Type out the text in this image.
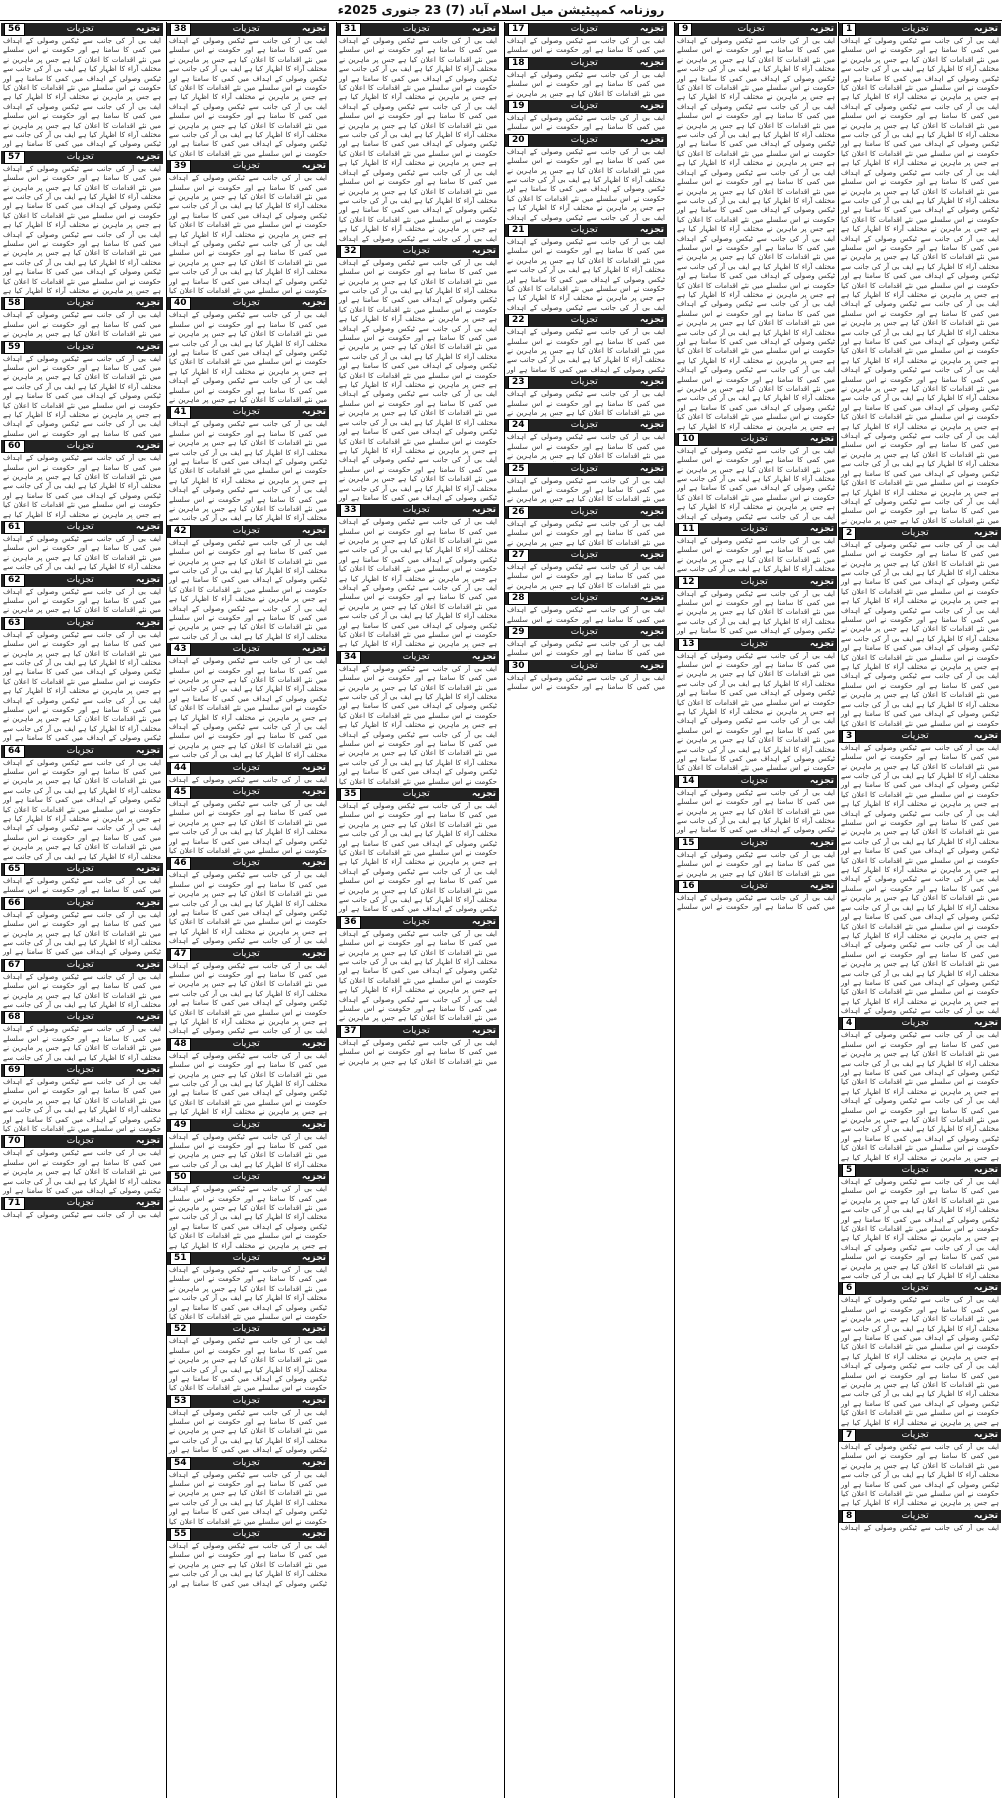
روزنامہ کمپیٹیشن میل اسلام آباد (7) 23 جنوری 2025ء
تجزیہ
تجزیات
1
ایف بی آر کی جانب سے ٹیکس وصولی کے اہداف میں کمی کا سامنا ہے اور حکومت نے اس سلسلے میں نئے اقدامات کا اعلان کیا ہے جس پر ماہرین نے مختلف آراء کا اظہار کیا ہے ایف بی آر کی جانب سے ٹیکس وصولی کے اہداف میں کمی کا سامنا ہے اور حکومت نے اس سلسلے میں نئے اقدامات کا اعلان کیا ہے جس پر ماہرین نے مختلف آراء کا اظہار کیا ہے ایف بی آر کی جانب سے ٹیکس وصولی کے اہداف میں کمی کا سامنا ہے اور حکومت نے اس سلسلے میں نئے اقدامات کا اعلان کیا ہے جس پر ماہرین نے مختلف آراء کا اظہار کیا ہے ایف بی آر کی جانب سے ٹیکس وصولی کے اہداف میں کمی کا سامنا ہے اور حکومت نے اس سلسلے میں نئے اقدامات کا اعلان کیا ہے جس پر ماہرین نے مختلف آراء کا اظہار کیا ہے ایف بی آر کی جانب سے ٹیکس وصولی کے اہداف میں کمی کا سامنا ہے اور حکومت نے اس سلسلے میں نئے اقدامات کا اعلان کیا ہے جس پر ماہرین نے مختلف آراء کا اظہار کیا ہے ایف بی آر کی جانب سے ٹیکس وصولی کے اہداف میں کمی کا سامنا ہے اور حکومت نے اس سلسلے میں نئے اقدامات کا اعلان کیا ہے جس پر ماہرین نے مختلف آراء کا اظہار کیا ہے ایف بی آر کی جانب سے ٹیکس وصولی کے اہداف میں کمی کا سامنا ہے اور حکومت نے اس سلسلے میں نئے اقدامات کا اعلان کیا ہے جس پر ماہرین نے مختلف آراء کا اظہار کیا ہے ایف بی آر کی جانب سے ٹیکس وصولی کے اہداف میں کمی کا سامنا ہے اور حکومت نے اس سلسلے میں نئے اقدامات کا اعلان کیا ہے جس پر ماہرین نے مختلف آراء کا اظہار کیا ہے ایف بی آر کی جانب سے ٹیکس وصولی کے اہداف میں کمی کا سامنا ہے اور حکومت نے اس سلسلے میں نئے اقدامات کا اعلان کیا ہے جس پر ماہرین نے مختلف آراء کا اظہار کیا ہے ایف بی آر کی جانب سے ٹیکس وصولی کے اہداف میں کمی کا سامنا ہے اور حکومت نے اس سلسلے میں نئے اقدامات کا اعلان کیا ہے جس پر ماہرین نے مختلف آراء کا اظہار کیا ہے ایف بی آر کی جانب سے ٹیکس وصولی کے اہداف میں کمی کا سامنا ہے اور حکومت نے اس سلسلے میں نئے اقدامات کا اعلان کیا ہے جس پر ماہرین نے مختلف آراء کا اظہار کیا ہے ایف بی آر کی جانب سے ٹیکس وصولی کے اہداف میں کمی کا سامنا ہے اور حکومت نے اس سلسلے میں نئے اقدامات کا اعلان کیا ہے جس پر ماہرین نے مختلف آراء کا اظہار کیا ہے ایف بی آر کی جانب سے ٹیکس وصولی کے اہداف میں کمی کا سامنا ہے اور حکومت نے اس سلسلے میں نئے اقدامات کا اعلان کیا ہے جس پر ماہرین نے مختلف آراء کا اظہار کیا ہے ایف بی آر کی جانب سے ٹیکس وصولی کے اہداف میں کمی کا سامنا ہے اور حکومت نے اس سلسلے میں نئے اقدامات کا اعلان کیا ہے جس پر ماہرین نے مختلف آراء کا اظہار کیا ہے ایف بی آر کی جانب سے ٹیکس وصولی کے اہداف میں کمی کا سامنا ہے اور حکومت نے اس سلسلے میں نئے اقدامات کا اعلان کیا ہے جس پر ماہرین نے
تجزیہ
تجزیات
2
ایف بی آر کی جانب سے ٹیکس وصولی کے اہداف میں کمی کا سامنا ہے اور حکومت نے اس سلسلے میں نئے اقدامات کا اعلان کیا ہے جس پر ماہرین نے مختلف آراء کا اظہار کیا ہے ایف بی آر کی جانب سے ٹیکس وصولی کے اہداف میں کمی کا سامنا ہے اور حکومت نے اس سلسلے میں نئے اقدامات کا اعلان کیا ہے جس پر ماہرین نے مختلف آراء کا اظہار کیا ہے ایف بی آر کی جانب سے ٹیکس وصولی کے اہداف میں کمی کا سامنا ہے اور حکومت نے اس سلسلے میں نئے اقدامات کا اعلان کیا ہے جس پر ماہرین نے مختلف آراء کا اظہار کیا ہے ایف بی آر کی جانب سے ٹیکس وصولی کے اہداف میں کمی کا سامنا ہے اور حکومت نے اس سلسلے میں نئے اقدامات کا اعلان کیا ہے جس پر ماہرین نے مختلف آراء کا اظہار کیا ہے ایف بی آر کی جانب سے ٹیکس وصولی کے اہداف میں کمی کا سامنا ہے اور حکومت نے اس سلسلے میں نئے اقدامات کا اعلان کیا ہے جس پر ماہرین نے مختلف آراء کا اظہار کیا ہے ایف بی آر کی جانب سے ٹیکس وصولی کے اہداف میں کمی کا سامنا ہے اور حکومت نے اس سلسلے میں نئے اقدامات کا اعلان کیا
تجزیہ
تجزیات
3
ایف بی آر کی جانب سے ٹیکس وصولی کے اہداف میں کمی کا سامنا ہے اور حکومت نے اس سلسلے میں نئے اقدامات کا اعلان کیا ہے جس پر ماہرین نے مختلف آراء کا اظہار کیا ہے ایف بی آر کی جانب سے ٹیکس وصولی کے اہداف میں کمی کا سامنا ہے اور حکومت نے اس سلسلے میں نئے اقدامات کا اعلان کیا ہے جس پر ماہرین نے مختلف آراء کا اظہار کیا ہے ایف بی آر کی جانب سے ٹیکس وصولی کے اہداف میں کمی کا سامنا ہے اور حکومت نے اس سلسلے میں نئے اقدامات کا اعلان کیا ہے جس پر ماہرین نے مختلف آراء کا اظہار کیا ہے ایف بی آر کی جانب سے ٹیکس وصولی کے اہداف میں کمی کا سامنا ہے اور حکومت نے اس سلسلے میں نئے اقدامات کا اعلان کیا ہے جس پر ماہرین نے مختلف آراء کا اظہار کیا ہے ایف بی آر کی جانب سے ٹیکس وصولی کے اہداف میں کمی کا سامنا ہے اور حکومت نے اس سلسلے میں نئے اقدامات کا اعلان کیا ہے جس پر ماہرین نے مختلف آراء کا اظہار کیا ہے ایف بی آر کی جانب سے ٹیکس وصولی کے اہداف میں کمی کا سامنا ہے اور حکومت نے اس سلسلے میں نئے اقدامات کا اعلان کیا ہے جس پر ماہرین نے مختلف آراء کا اظہار کیا ہے ایف بی آر کی جانب سے ٹیکس وصولی کے اہداف میں کمی کا سامنا ہے اور حکومت نے اس سلسلے میں نئے اقدامات کا اعلان کیا ہے جس پر ماہرین نے مختلف آراء کا اظہار کیا ہے ایف بی آر کی جانب سے ٹیکس وصولی کے اہداف میں کمی کا سامنا ہے اور حکومت نے اس سلسلے میں نئے اقدامات کا اعلان کیا ہے جس پر ماہرین نے مختلف آراء کا اظہار کیا ہے ایف بی آر کی جانب سے ٹیکس وصولی کے اہداف
تجزیہ
تجزیات
4
ایف بی آر کی جانب سے ٹیکس وصولی کے اہداف میں کمی کا سامنا ہے اور حکومت نے اس سلسلے میں نئے اقدامات کا اعلان کیا ہے جس پر ماہرین نے مختلف آراء کا اظہار کیا ہے ایف بی آر کی جانب سے ٹیکس وصولی کے اہداف میں کمی کا سامنا ہے اور حکومت نے اس سلسلے میں نئے اقدامات کا اعلان کیا ہے جس پر ماہرین نے مختلف آراء کا اظہار کیا ہے ایف بی آر کی جانب سے ٹیکس وصولی کے اہداف میں کمی کا سامنا ہے اور حکومت نے اس سلسلے میں نئے اقدامات کا اعلان کیا ہے جس پر ماہرین نے مختلف آراء کا اظہار کیا ہے ایف بی آر کی جانب سے ٹیکس وصولی کے اہداف میں کمی کا سامنا ہے اور حکومت نے اس سلسلے میں نئے اقدامات کا اعلان کیا ہے جس پر ماہرین نے مختلف آراء کا اظہار کیا ہے
تجزیہ
تجزیات
5
ایف بی آر کی جانب سے ٹیکس وصولی کے اہداف میں کمی کا سامنا ہے اور حکومت نے اس سلسلے میں نئے اقدامات کا اعلان کیا ہے جس پر ماہرین نے مختلف آراء کا اظہار کیا ہے ایف بی آر کی جانب سے ٹیکس وصولی کے اہداف میں کمی کا سامنا ہے اور حکومت نے اس سلسلے میں نئے اقدامات کا اعلان کیا ہے جس پر ماہرین نے مختلف آراء کا اظہار کیا ہے ایف بی آر کی جانب سے ٹیکس وصولی کے اہداف میں کمی کا سامنا ہے اور حکومت نے اس سلسلے میں نئے اقدامات کا اعلان کیا ہے جس پر ماہرین نے مختلف آراء کا اظہار کیا ہے ایف بی آر کی جانب سے
تجزیہ
تجزیات
6
ایف بی آر کی جانب سے ٹیکس وصولی کے اہداف میں کمی کا سامنا ہے اور حکومت نے اس سلسلے میں نئے اقدامات کا اعلان کیا ہے جس پر ماہرین نے مختلف آراء کا اظہار کیا ہے ایف بی آر کی جانب سے ٹیکس وصولی کے اہداف میں کمی کا سامنا ہے اور حکومت نے اس سلسلے میں نئے اقدامات کا اعلان کیا ہے جس پر ماہرین نے مختلف آراء کا اظہار کیا ہے ایف بی آر کی جانب سے ٹیکس وصولی کے اہداف میں کمی کا سامنا ہے اور حکومت نے اس سلسلے میں نئے اقدامات کا اعلان کیا ہے جس پر ماہرین نے مختلف آراء کا اظہار کیا ہے ایف بی آر کی جانب سے ٹیکس وصولی کے اہداف میں کمی کا سامنا ہے اور حکومت نے اس سلسلے میں نئے اقدامات کا اعلان کیا ہے جس پر ماہرین نے مختلف آراء کا اظہار کیا ہے
تجزیہ
تجزیات
7
ایف بی آر کی جانب سے ٹیکس وصولی کے اہداف میں کمی کا سامنا ہے اور حکومت نے اس سلسلے میں نئے اقدامات کا اعلان کیا ہے جس پر ماہرین نے مختلف آراء کا اظہار کیا ہے ایف بی آر کی جانب سے ٹیکس وصولی کے اہداف میں کمی کا سامنا ہے اور حکومت نے اس سلسلے میں نئے اقدامات کا اعلان کیا ہے جس پر ماہرین نے مختلف آراء کا اظہار کیا ہے
تجزیہ
تجزیات
8
ایف بی آر کی جانب سے ٹیکس وصولی کے اہداف
تجزیہ
تجزیات
9
ایف بی آر کی جانب سے ٹیکس وصولی کے اہداف میں کمی کا سامنا ہے اور حکومت نے اس سلسلے میں نئے اقدامات کا اعلان کیا ہے جس پر ماہرین نے مختلف آراء کا اظہار کیا ہے ایف بی آر کی جانب سے ٹیکس وصولی کے اہداف میں کمی کا سامنا ہے اور حکومت نے اس سلسلے میں نئے اقدامات کا اعلان کیا ہے جس پر ماہرین نے مختلف آراء کا اظہار کیا ہے ایف بی آر کی جانب سے ٹیکس وصولی کے اہداف میں کمی کا سامنا ہے اور حکومت نے اس سلسلے میں نئے اقدامات کا اعلان کیا ہے جس پر ماہرین نے مختلف آراء کا اظہار کیا ہے ایف بی آر کی جانب سے ٹیکس وصولی کے اہداف میں کمی کا سامنا ہے اور حکومت نے اس سلسلے میں نئے اقدامات کا اعلان کیا ہے جس پر ماہرین نے مختلف آراء کا اظہار کیا ہے ایف بی آر کی جانب سے ٹیکس وصولی کے اہداف میں کمی کا سامنا ہے اور حکومت نے اس سلسلے میں نئے اقدامات کا اعلان کیا ہے جس پر ماہرین نے مختلف آراء کا اظہار کیا ہے ایف بی آر کی جانب سے ٹیکس وصولی کے اہداف میں کمی کا سامنا ہے اور حکومت نے اس سلسلے میں نئے اقدامات کا اعلان کیا ہے جس پر ماہرین نے مختلف آراء کا اظہار کیا ہے ایف بی آر کی جانب سے ٹیکس وصولی کے اہداف میں کمی کا سامنا ہے اور حکومت نے اس سلسلے میں نئے اقدامات کا اعلان کیا ہے جس پر ماہرین نے مختلف آراء کا اظہار کیا ہے ایف بی آر کی جانب سے ٹیکس وصولی کے اہداف میں کمی کا سامنا ہے اور حکومت نے اس سلسلے میں نئے اقدامات کا اعلان کیا ہے جس پر ماہرین نے مختلف آراء کا اظہار کیا ہے ایف بی آر کی جانب سے ٹیکس وصولی کے اہداف میں کمی کا سامنا ہے اور حکومت نے اس سلسلے میں نئے اقدامات کا اعلان کیا ہے جس پر ماہرین نے مختلف آراء کا اظہار کیا ہے ایف بی آر کی جانب سے ٹیکس وصولی کے اہداف میں کمی کا سامنا ہے اور حکومت نے اس سلسلے میں نئے اقدامات کا اعلان کیا ہے جس پر ماہرین نے مختلف آراء کا اظہار کیا ہے ایف بی آر کی جانب سے ٹیکس وصولی کے اہداف میں کمی کا سامنا ہے اور حکومت نے اس سلسلے میں نئے اقدامات کا اعلان کیا ہے جس پر ماہرین نے مختلف آراء کا اظہار کیا ہے ایف بی آر کی جانب سے ٹیکس وصولی کے اہداف میں کمی کا سامنا ہے اور حکومت نے اس سلسلے میں نئے اقدامات کا اعلان کیا ہے جس پر ماہرین نے مختلف آراء کا اظہار کیا ہے
تجزیہ
تجزیات
10
ایف بی آر کی جانب سے ٹیکس وصولی کے اہداف میں کمی کا سامنا ہے اور حکومت نے اس سلسلے میں نئے اقدامات کا اعلان کیا ہے جس پر ماہرین نے مختلف آراء کا اظہار کیا ہے ایف بی آر کی جانب سے ٹیکس وصولی کے اہداف میں کمی کا سامنا ہے اور حکومت نے اس سلسلے میں نئے اقدامات کا اعلان کیا ہے جس پر ماہرین نے مختلف آراء کا اظہار کیا ہے ایف بی آر کی جانب سے ٹیکس وصولی کے اہداف
تجزیہ
تجزیات
11
ایف بی آر کی جانب سے ٹیکس وصولی کے اہداف میں کمی کا سامنا ہے اور حکومت نے اس سلسلے میں نئے اقدامات کا اعلان کیا ہے جس پر ماہرین نے مختلف آراء کا اظہار کیا ہے ایف بی آر کی جانب سے
تجزیہ
تجزیات
12
ایف بی آر کی جانب سے ٹیکس وصولی کے اہداف میں کمی کا سامنا ہے اور حکومت نے اس سلسلے میں نئے اقدامات کا اعلان کیا ہے جس پر ماہرین نے مختلف آراء کا اظہار کیا ہے ایف بی آر کی جانب سے ٹیکس وصولی کے اہداف میں کمی کا سامنا ہے اور
تجزیہ
تجزیات
13
ایف بی آر کی جانب سے ٹیکس وصولی کے اہداف میں کمی کا سامنا ہے اور حکومت نے اس سلسلے میں نئے اقدامات کا اعلان کیا ہے جس پر ماہرین نے مختلف آراء کا اظہار کیا ہے ایف بی آر کی جانب سے ٹیکس وصولی کے اہداف میں کمی کا سامنا ہے اور حکومت نے اس سلسلے میں نئے اقدامات کا اعلان کیا ہے جس پر ماہرین نے مختلف آراء کا اظہار کیا ہے ایف بی آر کی جانب سے ٹیکس وصولی کے اہداف میں کمی کا سامنا ہے اور حکومت نے اس سلسلے میں نئے اقدامات کا اعلان کیا ہے جس پر ماہرین نے مختلف آراء کا اظہار کیا ہے ایف بی آر کی جانب سے ٹیکس وصولی کے اہداف میں کمی کا سامنا ہے اور حکومت نے اس سلسلے میں نئے اقدامات کا اعلان کیا
تجزیہ
تجزیات
14
ایف بی آر کی جانب سے ٹیکس وصولی کے اہداف میں کمی کا سامنا ہے اور حکومت نے اس سلسلے میں نئے اقدامات کا اعلان کیا ہے جس پر ماہرین نے مختلف آراء کا اظہار کیا ہے ایف بی آر کی جانب سے ٹیکس وصولی کے اہداف میں کمی کا سامنا ہے اور
تجزیہ
تجزیات
15
ایف بی آر کی جانب سے ٹیکس وصولی کے اہداف میں کمی کا سامنا ہے اور حکومت نے اس سلسلے میں نئے اقدامات کا اعلان کیا ہے جس پر ماہرین نے
تجزیہ
تجزیات
16
ایف بی آر کی جانب سے ٹیکس وصولی کے اہداف میں کمی کا سامنا ہے اور حکومت نے اس سلسلے
تجزیہ
تجزیات
17
ایف بی آر کی جانب سے ٹیکس وصولی کے اہداف میں کمی کا سامنا ہے اور حکومت نے اس سلسلے
تجزیہ
تجزیات
18
ایف بی آر کی جانب سے ٹیکس وصولی کے اہداف میں کمی کا سامنا ہے اور حکومت نے اس سلسلے میں نئے اقدامات کا اعلان کیا ہے جس پر ماہرین نے
تجزیہ
تجزیات
19
ایف بی آر کی جانب سے ٹیکس وصولی کے اہداف میں کمی کا سامنا ہے اور حکومت نے اس سلسلے
تجزیہ
تجزیات
20
ایف بی آر کی جانب سے ٹیکس وصولی کے اہداف میں کمی کا سامنا ہے اور حکومت نے اس سلسلے میں نئے اقدامات کا اعلان کیا ہے جس پر ماہرین نے مختلف آراء کا اظہار کیا ہے ایف بی آر کی جانب سے ٹیکس وصولی کے اہداف میں کمی کا سامنا ہے اور حکومت نے اس سلسلے میں نئے اقدامات کا اعلان کیا ہے جس پر ماہرین نے مختلف آراء کا اظہار کیا ہے ایف بی آر کی جانب سے ٹیکس وصولی کے اہداف
تجزیہ
تجزیات
21
ایف بی آر کی جانب سے ٹیکس وصولی کے اہداف میں کمی کا سامنا ہے اور حکومت نے اس سلسلے میں نئے اقدامات کا اعلان کیا ہے جس پر ماہرین نے مختلف آراء کا اظہار کیا ہے ایف بی آر کی جانب سے ٹیکس وصولی کے اہداف میں کمی کا سامنا ہے اور حکومت نے اس سلسلے میں نئے اقدامات کا اعلان کیا ہے جس پر ماہرین نے مختلف آراء کا اظہار کیا ہے ایف بی آر کی جانب سے ٹیکس وصولی کے اہداف
تجزیہ
تجزیات
22
ایف بی آر کی جانب سے ٹیکس وصولی کے اہداف میں کمی کا سامنا ہے اور حکومت نے اس سلسلے میں نئے اقدامات کا اعلان کیا ہے جس پر ماہرین نے مختلف آراء کا اظہار کیا ہے ایف بی آر کی جانب سے ٹیکس وصولی کے اہداف میں کمی کا سامنا ہے اور
تجزیہ
تجزیات
23
ایف بی آر کی جانب سے ٹیکس وصولی کے اہداف میں کمی کا سامنا ہے اور حکومت نے اس سلسلے میں نئے اقدامات کا اعلان کیا ہے جس پر ماہرین نے
تجزیہ
تجزیات
24
ایف بی آر کی جانب سے ٹیکس وصولی کے اہداف میں کمی کا سامنا ہے اور حکومت نے اس سلسلے میں نئے اقدامات کا اعلان کیا ہے جس پر ماہرین نے
تجزیہ
تجزیات
25
ایف بی آر کی جانب سے ٹیکس وصولی کے اہداف میں کمی کا سامنا ہے اور حکومت نے اس سلسلے میں نئے اقدامات کا اعلان کیا ہے جس پر ماہرین نے
تجزیہ
تجزیات
26
ایف بی آر کی جانب سے ٹیکس وصولی کے اہداف میں کمی کا سامنا ہے اور حکومت نے اس سلسلے میں نئے اقدامات کا اعلان کیا ہے جس پر ماہرین نے
تجزیہ
تجزیات
27
ایف بی آر کی جانب سے ٹیکس وصولی کے اہداف میں کمی کا سامنا ہے اور حکومت نے اس سلسلے میں نئے اقدامات کا اعلان کیا ہے جس پر ماہرین نے
تجزیہ
تجزیات
28
ایف بی آر کی جانب سے ٹیکس وصولی کے اہداف میں کمی کا سامنا ہے اور حکومت نے اس سلسلے
تجزیہ
تجزیات
29
ایف بی آر کی جانب سے ٹیکس وصولی کے اہداف میں کمی کا سامنا ہے اور حکومت نے اس سلسلے
تجزیہ
تجزیات
30
ایف بی آر کی جانب سے ٹیکس وصولی کے اہداف میں کمی کا سامنا ہے اور حکومت نے اس سلسلے
تجزیہ
تجزیات
31
ایف بی آر کی جانب سے ٹیکس وصولی کے اہداف میں کمی کا سامنا ہے اور حکومت نے اس سلسلے میں نئے اقدامات کا اعلان کیا ہے جس پر ماہرین نے مختلف آراء کا اظہار کیا ہے ایف بی آر کی جانب سے ٹیکس وصولی کے اہداف میں کمی کا سامنا ہے اور حکومت نے اس سلسلے میں نئے اقدامات کا اعلان کیا ہے جس پر ماہرین نے مختلف آراء کا اظہار کیا ہے ایف بی آر کی جانب سے ٹیکس وصولی کے اہداف میں کمی کا سامنا ہے اور حکومت نے اس سلسلے میں نئے اقدامات کا اعلان کیا ہے جس پر ماہرین نے مختلف آراء کا اظہار کیا ہے ایف بی آر کی جانب سے ٹیکس وصولی کے اہداف میں کمی کا سامنا ہے اور حکومت نے اس سلسلے میں نئے اقدامات کا اعلان کیا ہے جس پر ماہرین نے مختلف آراء کا اظہار کیا ہے ایف بی آر کی جانب سے ٹیکس وصولی کے اہداف میں کمی کا سامنا ہے اور حکومت نے اس سلسلے میں نئے اقدامات کا اعلان کیا ہے جس پر ماہرین نے مختلف آراء کا اظہار کیا ہے ایف بی آر کی جانب سے ٹیکس وصولی کے اہداف میں کمی کا سامنا ہے اور حکومت نے اس سلسلے میں نئے اقدامات کا اعلان کیا ہے جس پر ماہرین نے مختلف آراء کا اظہار کیا ہے ایف بی آر کی جانب سے ٹیکس وصولی کے اہداف
تجزیہ
تجزیات
32
ایف بی آر کی جانب سے ٹیکس وصولی کے اہداف میں کمی کا سامنا ہے اور حکومت نے اس سلسلے میں نئے اقدامات کا اعلان کیا ہے جس پر ماہرین نے مختلف آراء کا اظہار کیا ہے ایف بی آر کی جانب سے ٹیکس وصولی کے اہداف میں کمی کا سامنا ہے اور حکومت نے اس سلسلے میں نئے اقدامات کا اعلان کیا ہے جس پر ماہرین نے مختلف آراء کا اظہار کیا ہے ایف بی آر کی جانب سے ٹیکس وصولی کے اہداف میں کمی کا سامنا ہے اور حکومت نے اس سلسلے میں نئے اقدامات کا اعلان کیا ہے جس پر ماہرین نے مختلف آراء کا اظہار کیا ہے ایف بی آر کی جانب سے ٹیکس وصولی کے اہداف میں کمی کا سامنا ہے اور حکومت نے اس سلسلے میں نئے اقدامات کا اعلان کیا ہے جس پر ماہرین نے مختلف آراء کا اظہار کیا ہے ایف بی آر کی جانب سے ٹیکس وصولی کے اہداف میں کمی کا سامنا ہے اور حکومت نے اس سلسلے میں نئے اقدامات کا اعلان کیا ہے جس پر ماہرین نے مختلف آراء کا اظہار کیا ہے ایف بی آر کی جانب سے ٹیکس وصولی کے اہداف میں کمی کا سامنا ہے اور حکومت نے اس سلسلے میں نئے اقدامات کا اعلان کیا ہے جس پر ماہرین نے مختلف آراء کا اظہار کیا ہے ایف بی آر کی جانب سے ٹیکس وصولی کے اہداف میں کمی کا سامنا ہے اور حکومت نے اس سلسلے میں نئے اقدامات کا اعلان کیا ہے جس پر ماہرین نے مختلف آراء کا اظہار کیا ہے ایف بی آر کی جانب سے ٹیکس وصولی کے اہداف میں کمی کا سامنا ہے اور
تجزیہ
تجزیات
33
ایف بی آر کی جانب سے ٹیکس وصولی کے اہداف میں کمی کا سامنا ہے اور حکومت نے اس سلسلے میں نئے اقدامات کا اعلان کیا ہے جس پر ماہرین نے مختلف آراء کا اظہار کیا ہے ایف بی آر کی جانب سے ٹیکس وصولی کے اہداف میں کمی کا سامنا ہے اور حکومت نے اس سلسلے میں نئے اقدامات کا اعلان کیا ہے جس پر ماہرین نے مختلف آراء کا اظہار کیا ہے ایف بی آر کی جانب سے ٹیکس وصولی کے اہداف میں کمی کا سامنا ہے اور حکومت نے اس سلسلے میں نئے اقدامات کا اعلان کیا ہے جس پر ماہرین نے مختلف آراء کا اظہار کیا ہے ایف بی آر کی جانب سے ٹیکس وصولی کے اہداف میں کمی کا سامنا ہے اور حکومت نے اس سلسلے میں نئے اقدامات کا اعلان کیا ہے جس پر ماہرین نے مختلف آراء کا اظہار کیا ہے
تجزیہ
تجزیات
34
ایف بی آر کی جانب سے ٹیکس وصولی کے اہداف میں کمی کا سامنا ہے اور حکومت نے اس سلسلے میں نئے اقدامات کا اعلان کیا ہے جس پر ماہرین نے مختلف آراء کا اظہار کیا ہے ایف بی آر کی جانب سے ٹیکس وصولی کے اہداف میں کمی کا سامنا ہے اور حکومت نے اس سلسلے میں نئے اقدامات کا اعلان کیا ہے جس پر ماہرین نے مختلف آراء کا اظہار کیا ہے ایف بی آر کی جانب سے ٹیکس وصولی کے اہداف میں کمی کا سامنا ہے اور حکومت نے اس سلسلے میں نئے اقدامات کا اعلان کیا ہے جس پر ماہرین نے مختلف آراء کا اظہار کیا ہے ایف بی آر کی جانب سے ٹیکس وصولی کے اہداف میں کمی کا سامنا ہے اور حکومت نے اس سلسلے میں نئے اقدامات کا اعلان کیا
تجزیہ
تجزیات
35
ایف بی آر کی جانب سے ٹیکس وصولی کے اہداف میں کمی کا سامنا ہے اور حکومت نے اس سلسلے میں نئے اقدامات کا اعلان کیا ہے جس پر ماہرین نے مختلف آراء کا اظہار کیا ہے ایف بی آر کی جانب سے ٹیکس وصولی کے اہداف میں کمی کا سامنا ہے اور حکومت نے اس سلسلے میں نئے اقدامات کا اعلان کیا ہے جس پر ماہرین نے مختلف آراء کا اظہار کیا ہے ایف بی آر کی جانب سے ٹیکس وصولی کے اہداف میں کمی کا سامنا ہے اور حکومت نے اس سلسلے میں نئے اقدامات کا اعلان کیا ہے جس پر ماہرین نے مختلف آراء کا اظہار کیا ہے ایف بی آر کی جانب سے ٹیکس وصولی کے اہداف میں کمی کا سامنا ہے اور
تجزیہ
تجزیات
36
ایف بی آر کی جانب سے ٹیکس وصولی کے اہداف میں کمی کا سامنا ہے اور حکومت نے اس سلسلے میں نئے اقدامات کا اعلان کیا ہے جس پر ماہرین نے مختلف آراء کا اظہار کیا ہے ایف بی آر کی جانب سے ٹیکس وصولی کے اہداف میں کمی کا سامنا ہے اور حکومت نے اس سلسلے میں نئے اقدامات کا اعلان کیا ہے جس پر ماہرین نے مختلف آراء کا اظہار کیا ہے ایف بی آر کی جانب سے ٹیکس وصولی کے اہداف میں کمی کا سامنا ہے اور حکومت نے اس سلسلے میں نئے اقدامات کا اعلان کیا ہے جس پر ماہرین نے
تجزیہ
تجزیات
37
ایف بی آر کی جانب سے ٹیکس وصولی کے اہداف میں کمی کا سامنا ہے اور حکومت نے اس سلسلے میں نئے اقدامات کا اعلان کیا ہے جس پر ماہرین نے
تجزیہ
تجزیات
38
ایف بی آر کی جانب سے ٹیکس وصولی کے اہداف میں کمی کا سامنا ہے اور حکومت نے اس سلسلے میں نئے اقدامات کا اعلان کیا ہے جس پر ماہرین نے مختلف آراء کا اظہار کیا ہے ایف بی آر کی جانب سے ٹیکس وصولی کے اہداف میں کمی کا سامنا ہے اور حکومت نے اس سلسلے میں نئے اقدامات کا اعلان کیا ہے جس پر ماہرین نے مختلف آراء کا اظہار کیا ہے ایف بی آر کی جانب سے ٹیکس وصولی کے اہداف میں کمی کا سامنا ہے اور حکومت نے اس سلسلے میں نئے اقدامات کا اعلان کیا ہے جس پر ماہرین نے مختلف آراء کا اظہار کیا ہے ایف بی آر کی جانب سے ٹیکس وصولی کے اہداف میں کمی کا سامنا ہے اور حکومت نے اس سلسلے میں نئے اقدامات کا اعلان کیا
تجزیہ
تجزیات
39
ایف بی آر کی جانب سے ٹیکس وصولی کے اہداف میں کمی کا سامنا ہے اور حکومت نے اس سلسلے میں نئے اقدامات کا اعلان کیا ہے جس پر ماہرین نے مختلف آراء کا اظہار کیا ہے ایف بی آر کی جانب سے ٹیکس وصولی کے اہداف میں کمی کا سامنا ہے اور حکومت نے اس سلسلے میں نئے اقدامات کا اعلان کیا ہے جس پر ماہرین نے مختلف آراء کا اظہار کیا ہے ایف بی آر کی جانب سے ٹیکس وصولی کے اہداف میں کمی کا سامنا ہے اور حکومت نے اس سلسلے میں نئے اقدامات کا اعلان کیا ہے جس پر ماہرین نے مختلف آراء کا اظہار کیا ہے ایف بی آر کی جانب سے ٹیکس وصولی کے اہداف میں کمی کا سامنا ہے اور حکومت نے اس سلسلے میں نئے اقدامات کا اعلان کیا
تجزیہ
تجزیات
40
ایف بی آر کی جانب سے ٹیکس وصولی کے اہداف میں کمی کا سامنا ہے اور حکومت نے اس سلسلے میں نئے اقدامات کا اعلان کیا ہے جس پر ماہرین نے مختلف آراء کا اظہار کیا ہے ایف بی آر کی جانب سے ٹیکس وصولی کے اہداف میں کمی کا سامنا ہے اور حکومت نے اس سلسلے میں نئے اقدامات کا اعلان کیا ہے جس پر ماہرین نے مختلف آراء کا اظہار کیا ہے ایف بی آر کی جانب سے ٹیکس وصولی کے اہداف میں کمی کا سامنا ہے اور حکومت نے اس سلسلے میں نئے اقدامات کا اعلان کیا ہے جس پر ماہرین نے
تجزیہ
تجزیات
41
ایف بی آر کی جانب سے ٹیکس وصولی کے اہداف میں کمی کا سامنا ہے اور حکومت نے اس سلسلے میں نئے اقدامات کا اعلان کیا ہے جس پر ماہرین نے مختلف آراء کا اظہار کیا ہے ایف بی آر کی جانب سے ٹیکس وصولی کے اہداف میں کمی کا سامنا ہے اور حکومت نے اس سلسلے میں نئے اقدامات کا اعلان کیا ہے جس پر ماہرین نے مختلف آراء کا اظہار کیا ہے ایف بی آر کی جانب سے ٹیکس وصولی کے اہداف میں کمی کا سامنا ہے اور حکومت نے اس سلسلے میں نئے اقدامات کا اعلان کیا ہے جس پر ماہرین نے مختلف آراء کا اظہار کیا ہے ایف بی آر کی جانب سے
تجزیہ
تجزیات
42
ایف بی آر کی جانب سے ٹیکس وصولی کے اہداف میں کمی کا سامنا ہے اور حکومت نے اس سلسلے میں نئے اقدامات کا اعلان کیا ہے جس پر ماہرین نے مختلف آراء کا اظہار کیا ہے ایف بی آر کی جانب سے ٹیکس وصولی کے اہداف میں کمی کا سامنا ہے اور حکومت نے اس سلسلے میں نئے اقدامات کا اعلان کیا ہے جس پر ماہرین نے مختلف آراء کا اظہار کیا ہے ایف بی آر کی جانب سے ٹیکس وصولی کے اہداف میں کمی کا سامنا ہے اور حکومت نے اس سلسلے میں نئے اقدامات کا اعلان کیا ہے جس پر ماہرین نے مختلف آراء کا اظہار کیا ہے ایف بی آر کی جانب سے
تجزیہ
تجزیات
43
ایف بی آر کی جانب سے ٹیکس وصولی کے اہداف میں کمی کا سامنا ہے اور حکومت نے اس سلسلے میں نئے اقدامات کا اعلان کیا ہے جس پر ماہرین نے مختلف آراء کا اظہار کیا ہے ایف بی آر کی جانب سے ٹیکس وصولی کے اہداف میں کمی کا سامنا ہے اور حکومت نے اس سلسلے میں نئے اقدامات کا اعلان کیا ہے جس پر ماہرین نے مختلف آراء کا اظہار کیا ہے ایف بی آر کی جانب سے ٹیکس وصولی کے اہداف میں کمی کا سامنا ہے اور حکومت نے اس سلسلے میں نئے اقدامات کا اعلان کیا ہے جس پر ماہرین نے مختلف آراء کا اظہار کیا ہے ایف بی آر کی جانب سے
تجزیہ
تجزیات
44
ایف بی آر کی جانب سے ٹیکس وصولی کے اہداف
تجزیہ
تجزیات
45
ایف بی آر کی جانب سے ٹیکس وصولی کے اہداف میں کمی کا سامنا ہے اور حکومت نے اس سلسلے میں نئے اقدامات کا اعلان کیا ہے جس پر ماہرین نے مختلف آراء کا اظہار کیا ہے ایف بی آر کی جانب سے ٹیکس وصولی کے اہداف میں کمی کا سامنا ہے اور حکومت نے اس سلسلے میں نئے اقدامات کا اعلان کیا
تجزیہ
تجزیات
46
ایف بی آر کی جانب سے ٹیکس وصولی کے اہداف میں کمی کا سامنا ہے اور حکومت نے اس سلسلے میں نئے اقدامات کا اعلان کیا ہے جس پر ماہرین نے مختلف آراء کا اظہار کیا ہے ایف بی آر کی جانب سے ٹیکس وصولی کے اہداف میں کمی کا سامنا ہے اور حکومت نے اس سلسلے میں نئے اقدامات کا اعلان کیا ہے جس پر ماہرین نے مختلف آراء کا اظہار کیا ہے ایف بی آر کی جانب سے ٹیکس وصولی کے اہداف
تجزیہ
تجزیات
47
ایف بی آر کی جانب سے ٹیکس وصولی کے اہداف میں کمی کا سامنا ہے اور حکومت نے اس سلسلے میں نئے اقدامات کا اعلان کیا ہے جس پر ماہرین نے مختلف آراء کا اظہار کیا ہے ایف بی آر کی جانب سے ٹیکس وصولی کے اہداف میں کمی کا سامنا ہے اور حکومت نے اس سلسلے میں نئے اقدامات کا اعلان کیا ہے جس پر ماہرین نے مختلف آراء کا اظہار کیا ہے ایف بی آر کی جانب سے ٹیکس وصولی کے اہداف
تجزیہ
تجزیات
48
ایف بی آر کی جانب سے ٹیکس وصولی کے اہداف میں کمی کا سامنا ہے اور حکومت نے اس سلسلے میں نئے اقدامات کا اعلان کیا ہے جس پر ماہرین نے مختلف آراء کا اظہار کیا ہے ایف بی آر کی جانب سے ٹیکس وصولی کے اہداف میں کمی کا سامنا ہے اور حکومت نے اس سلسلے میں نئے اقدامات کا اعلان کیا ہے جس پر ماہرین نے مختلف آراء کا اظہار کیا ہے
تجزیہ
تجزیات
49
ایف بی آر کی جانب سے ٹیکس وصولی کے اہداف میں کمی کا سامنا ہے اور حکومت نے اس سلسلے میں نئے اقدامات کا اعلان کیا ہے جس پر ماہرین نے مختلف آراء کا اظہار کیا ہے ایف بی آر کی جانب سے
تجزیہ
تجزیات
50
ایف بی آر کی جانب سے ٹیکس وصولی کے اہداف میں کمی کا سامنا ہے اور حکومت نے اس سلسلے میں نئے اقدامات کا اعلان کیا ہے جس پر ماہرین نے مختلف آراء کا اظہار کیا ہے ایف بی آر کی جانب سے ٹیکس وصولی کے اہداف میں کمی کا سامنا ہے اور حکومت نے اس سلسلے میں نئے اقدامات کا اعلان کیا ہے جس پر ماہرین نے مختلف آراء کا اظہار کیا ہے
تجزیہ
تجزیات
51
ایف بی آر کی جانب سے ٹیکس وصولی کے اہداف میں کمی کا سامنا ہے اور حکومت نے اس سلسلے میں نئے اقدامات کا اعلان کیا ہے جس پر ماہرین نے مختلف آراء کا اظہار کیا ہے ایف بی آر کی جانب سے ٹیکس وصولی کے اہداف میں کمی کا سامنا ہے اور حکومت نے اس سلسلے میں نئے اقدامات کا اعلان کیا
تجزیہ
تجزیات
52
ایف بی آر کی جانب سے ٹیکس وصولی کے اہداف میں کمی کا سامنا ہے اور حکومت نے اس سلسلے میں نئے اقدامات کا اعلان کیا ہے جس پر ماہرین نے مختلف آراء کا اظہار کیا ہے ایف بی آر کی جانب سے ٹیکس وصولی کے اہداف میں کمی کا سامنا ہے اور حکومت نے اس سلسلے میں نئے اقدامات کا اعلان کیا
تجزیہ
تجزیات
53
ایف بی آر کی جانب سے ٹیکس وصولی کے اہداف میں کمی کا سامنا ہے اور حکومت نے اس سلسلے میں نئے اقدامات کا اعلان کیا ہے جس پر ماہرین نے مختلف آراء کا اظہار کیا ہے ایف بی آر کی جانب سے ٹیکس وصولی کے اہداف میں کمی کا سامنا ہے اور
تجزیہ
تجزیات
54
ایف بی آر کی جانب سے ٹیکس وصولی کے اہداف میں کمی کا سامنا ہے اور حکومت نے اس سلسلے میں نئے اقدامات کا اعلان کیا ہے جس پر ماہرین نے مختلف آراء کا اظہار کیا ہے ایف بی آر کی جانب سے ٹیکس وصولی کے اہداف میں کمی کا سامنا ہے اور حکومت نے اس سلسلے میں نئے اقدامات کا اعلان کیا
تجزیہ
تجزیات
55
ایف بی آر کی جانب سے ٹیکس وصولی کے اہداف میں کمی کا سامنا ہے اور حکومت نے اس سلسلے میں نئے اقدامات کا اعلان کیا ہے جس پر ماہرین نے مختلف آراء کا اظہار کیا ہے ایف بی آر کی جانب سے ٹیکس وصولی کے اہداف میں کمی کا سامنا ہے اور
تجزیہ
تجزیات
56
ایف بی آر کی جانب سے ٹیکس وصولی کے اہداف میں کمی کا سامنا ہے اور حکومت نے اس سلسلے میں نئے اقدامات کا اعلان کیا ہے جس پر ماہرین نے مختلف آراء کا اظہار کیا ہے ایف بی آر کی جانب سے ٹیکس وصولی کے اہداف میں کمی کا سامنا ہے اور حکومت نے اس سلسلے میں نئے اقدامات کا اعلان کیا ہے جس پر ماہرین نے مختلف آراء کا اظہار کیا ہے ایف بی آر کی جانب سے ٹیکس وصولی کے اہداف میں کمی کا سامنا ہے اور حکومت نے اس سلسلے میں نئے اقدامات کا اعلان کیا ہے جس پر ماہرین نے مختلف آراء کا اظہار کیا ہے ایف بی آر کی جانب سے ٹیکس وصولی کے اہداف میں کمی کا سامنا ہے اور
تجزیہ
تجزیات
57
ایف بی آر کی جانب سے ٹیکس وصولی کے اہداف میں کمی کا سامنا ہے اور حکومت نے اس سلسلے میں نئے اقدامات کا اعلان کیا ہے جس پر ماہرین نے مختلف آراء کا اظہار کیا ہے ایف بی آر کی جانب سے ٹیکس وصولی کے اہداف میں کمی کا سامنا ہے اور حکومت نے اس سلسلے میں نئے اقدامات کا اعلان کیا ہے جس پر ماہرین نے مختلف آراء کا اظہار کیا ہے ایف بی آر کی جانب سے ٹیکس وصولی کے اہداف میں کمی کا سامنا ہے اور حکومت نے اس سلسلے میں نئے اقدامات کا اعلان کیا ہے جس پر ماہرین نے مختلف آراء کا اظہار کیا ہے ایف بی آر کی جانب سے ٹیکس وصولی کے اہداف میں کمی کا سامنا ہے اور حکومت نے اس سلسلے میں نئے اقدامات کا اعلان کیا ہے جس پر ماہرین نے مختلف آراء کا اظہار کیا ہے
تجزیہ
تجزیات
58
ایف بی آر کی جانب سے ٹیکس وصولی کے اہداف میں کمی کا سامنا ہے اور حکومت نے اس سلسلے میں نئے اقدامات کا اعلان کیا ہے جس پر ماہرین نے
تجزیہ
تجزیات
59
ایف بی آر کی جانب سے ٹیکس وصولی کے اہداف میں کمی کا سامنا ہے اور حکومت نے اس سلسلے میں نئے اقدامات کا اعلان کیا ہے جس پر ماہرین نے مختلف آراء کا اظہار کیا ہے ایف بی آر کی جانب سے ٹیکس وصولی کے اہداف میں کمی کا سامنا ہے اور حکومت نے اس سلسلے میں نئے اقدامات کا اعلان کیا ہے جس پر ماہرین نے مختلف آراء کا اظہار کیا ہے ایف بی آر کی جانب سے ٹیکس وصولی کے اہداف میں کمی کا سامنا ہے اور حکومت نے اس سلسلے
تجزیہ
تجزیات
60
ایف بی آر کی جانب سے ٹیکس وصولی کے اہداف میں کمی کا سامنا ہے اور حکومت نے اس سلسلے میں نئے اقدامات کا اعلان کیا ہے جس پر ماہرین نے مختلف آراء کا اظہار کیا ہے ایف بی آر کی جانب سے ٹیکس وصولی کے اہداف میں کمی کا سامنا ہے اور حکومت نے اس سلسلے میں نئے اقدامات کا اعلان کیا ہے جس پر ماہرین نے مختلف آراء کا اظہار کیا ہے
تجزیہ
تجزیات
61
ایف بی آر کی جانب سے ٹیکس وصولی کے اہداف میں کمی کا سامنا ہے اور حکومت نے اس سلسلے میں نئے اقدامات کا اعلان کیا ہے جس پر ماہرین نے مختلف آراء کا اظہار کیا ہے ایف بی آر کی جانب سے
تجزیہ
تجزیات
62
ایف بی آر کی جانب سے ٹیکس وصولی کے اہداف میں کمی کا سامنا ہے اور حکومت نے اس سلسلے میں نئے اقدامات کا اعلان کیا ہے جس پر ماہرین نے
تجزیہ
تجزیات
63
ایف بی آر کی جانب سے ٹیکس وصولی کے اہداف میں کمی کا سامنا ہے اور حکومت نے اس سلسلے میں نئے اقدامات کا اعلان کیا ہے جس پر ماہرین نے مختلف آراء کا اظہار کیا ہے ایف بی آر کی جانب سے ٹیکس وصولی کے اہداف میں کمی کا سامنا ہے اور حکومت نے اس سلسلے میں نئے اقدامات کا اعلان کیا ہے جس پر ماہرین نے مختلف آراء کا اظہار کیا ہے ایف بی آر کی جانب سے ٹیکس وصولی کے اہداف میں کمی کا سامنا ہے اور حکومت نے اس سلسلے میں نئے اقدامات کا اعلان کیا ہے جس پر ماہرین نے مختلف آراء کا اظہار کیا ہے ایف بی آر کی جانب سے ٹیکس وصولی کے اہداف میں کمی کا سامنا ہے اور
تجزیہ
تجزیات
64
ایف بی آر کی جانب سے ٹیکس وصولی کے اہداف میں کمی کا سامنا ہے اور حکومت نے اس سلسلے میں نئے اقدامات کا اعلان کیا ہے جس پر ماہرین نے مختلف آراء کا اظہار کیا ہے ایف بی آر کی جانب سے ٹیکس وصولی کے اہداف میں کمی کا سامنا ہے اور حکومت نے اس سلسلے میں نئے اقدامات کا اعلان کیا ہے جس پر ماہرین نے مختلف آراء کا اظہار کیا ہے ایف بی آر کی جانب سے ٹیکس وصولی کے اہداف میں کمی کا سامنا ہے اور حکومت نے اس سلسلے میں نئے اقدامات کا اعلان کیا ہے جس پر ماہرین نے مختلف آراء کا اظہار کیا ہے ایف بی آر کی جانب سے
تجزیہ
تجزیات
65
ایف بی آر کی جانب سے ٹیکس وصولی کے اہداف میں کمی کا سامنا ہے اور حکومت نے اس سلسلے
تجزیہ
تجزیات
66
ایف بی آر کی جانب سے ٹیکس وصولی کے اہداف میں کمی کا سامنا ہے اور حکومت نے اس سلسلے میں نئے اقدامات کا اعلان کیا ہے جس پر ماہرین نے مختلف آراء کا اظہار کیا ہے ایف بی آر کی جانب سے ٹیکس وصولی کے اہداف میں کمی کا سامنا ہے اور
تجزیہ
تجزیات
67
ایف بی آر کی جانب سے ٹیکس وصولی کے اہداف میں کمی کا سامنا ہے اور حکومت نے اس سلسلے میں نئے اقدامات کا اعلان کیا ہے جس پر ماہرین نے مختلف آراء کا اظہار کیا ہے ایف بی آر کی جانب سے
تجزیہ
تجزیات
68
ایف بی آر کی جانب سے ٹیکس وصولی کے اہداف میں کمی کا سامنا ہے اور حکومت نے اس سلسلے میں نئے اقدامات کا اعلان کیا ہے جس پر ماہرین نے مختلف آراء کا اظہار کیا ہے ایف بی آر کی جانب سے
تجزیہ
تجزیات
69
ایف بی آر کی جانب سے ٹیکس وصولی کے اہداف میں کمی کا سامنا ہے اور حکومت نے اس سلسلے میں نئے اقدامات کا اعلان کیا ہے جس پر ماہرین نے مختلف آراء کا اظہار کیا ہے ایف بی آر کی جانب سے ٹیکس وصولی کے اہداف میں کمی کا سامنا ہے اور حکومت نے اس سلسلے میں نئے اقدامات کا اعلان کیا
تجزیہ
تجزیات
70
ایف بی آر کی جانب سے ٹیکس وصولی کے اہداف میں کمی کا سامنا ہے اور حکومت نے اس سلسلے میں نئے اقدامات کا اعلان کیا ہے جس پر ماہرین نے مختلف آراء کا اظہار کیا ہے ایف بی آر کی جانب سے ٹیکس وصولی کے اہداف میں کمی کا سامنا ہے اور
تجزیہ
تجزیات
71
ایف بی آر کی جانب سے ٹیکس وصولی کے اہداف
